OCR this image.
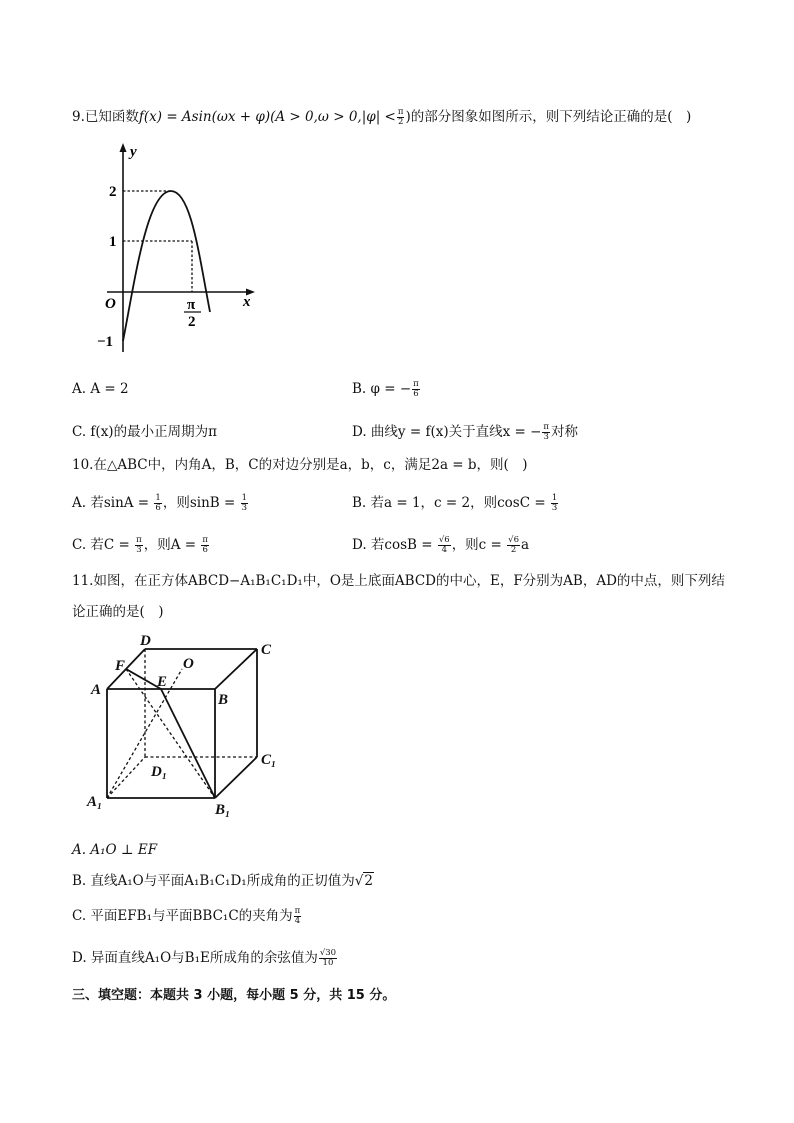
9.已知函数$f(x) = Asin(\omega x + \varphi)(A > 0,\omega > 0,|\varphi| < \frac{\pi}{2}$ )的部分图象如图所示，则下列结论正确的是(　)
y
x
O
2
1
−1
π
2
A. A = 2	B. φ = − $\frac{\pi}{6}$
C. f(x)的最小正周期为π	D. 曲线y = f(x)关于直线x = − $\frac{\pi}{3}$ 对称
10.在△ABC中，内角A，B，C的对边分别是a，b，c，满足2a = b，则(　)
A. 若$\sin A = \frac{1}{6}$ ，则$\sin B = \frac{1}{3}$	B. 若a = 1，c = 2，则$\cos C = \frac{1}{3}$
C. 若$C = \frac{\pi}{3}$ ，则$A = \frac{\pi}{6}$	D. 若$\cos B = \frac{√6}{4}$ ，则$c = \frac{√6}{2}$ a
11.如图，在正方体ABCD−A₁B₁C₁D₁中，O是上底面ABCD的中心，E，F分别为AB，AD的中点，则下列结
论正确的是(　)
A
B
C
D
A₁	B₁
C₁
D₁
E
F	O
A. A₁O ⊥ EF
B. 直线A₁O与平面A₁B₁C₁D₁所成角的正切值为√2
C. 平面EFB₁与平面BBC₁C的夹角为 $\frac{\pi}{4}$
D. 异面直线A₁O与B₁E所成角的余弦值为 $\frac{√30}{10}$
三、填空题：本题共 3 小题，每小题 5 分，共 15 分。
